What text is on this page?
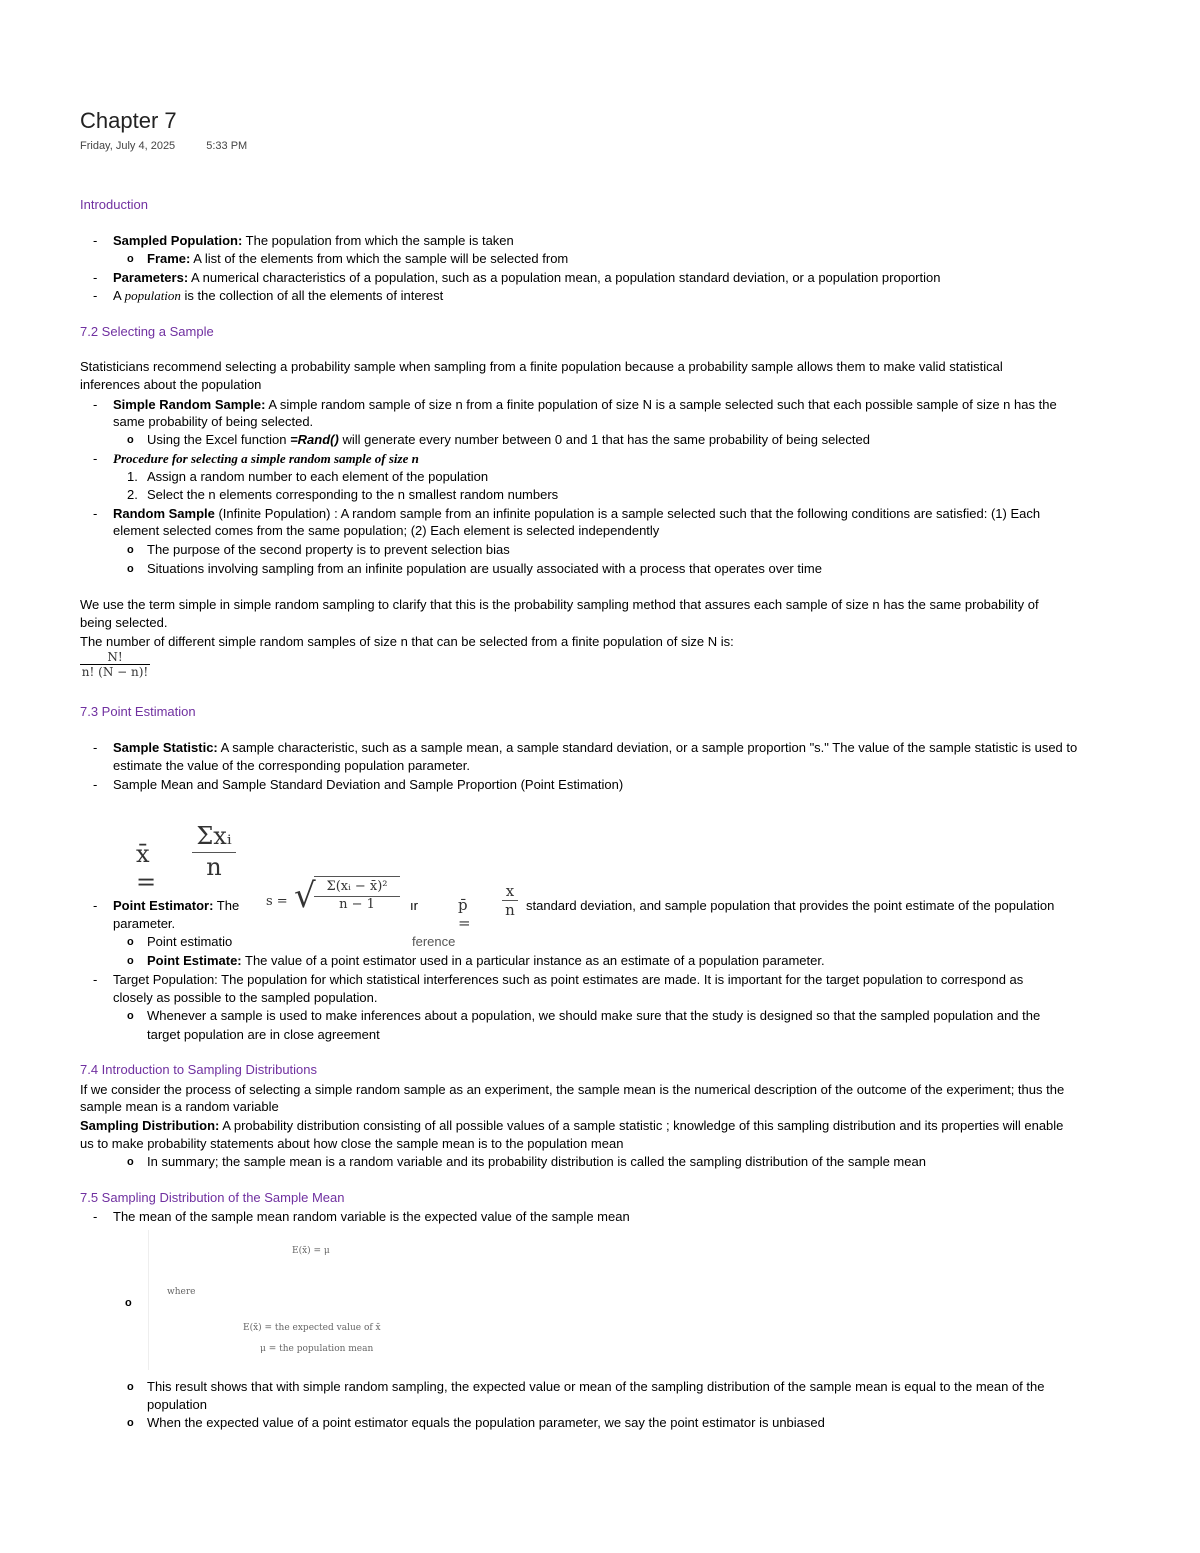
Chapter 7
Friday, July 4, 2025	5:33 PM
Introduction
- Sampled Population: The population from which the sample is taken
o Frame: A list of the elements from which the sample will be selected from
- Parameters: A numerical characteristics of a population, such as a population mean, a population standard deviation, or a population proportion
- A population is the collection of all the elements of interest
7.2 Selecting a Sample
Statisticians recommend selecting a probability sample when sampling from a finite population because a probability sample allows them to make valid statistical
inferences about the population
- Simple Random Sample: A simple random sample of size n from a finite population of size N is a sample selected such that each possible sample of size n has the
same probability of being selected.
o Using the Excel function =Rand() will generate every number between 0 and 1 that has the same probability of being selected
- Procedure for selecting a simple random sample of size n
1. Assign a random number to each element of the population
2. Select the n elements corresponding to the n smallest random numbers
- Random Sample (Infinite Population) : A random sample from an infinite population is a sample selected such that the following conditions are satisfied: (1) Each
element selected comes from the same population; (2) Each element is selected independently
o The purpose of the second property is to prevent selection bias
o Situations involving sampling from an infinite population are usually associated with a process that operates over time
We use the term simple in simple random sampling to clarify that this is the probability sampling method that assures each sample of size n has the same probability of
being selected.
The number of different simple random samples of size n that can be selected from a finite population of size N is:
$\frac{N!}{n! (N - n)!}$
7.3 Point Estimation
- Sample Statistic: A sample characteristic, such as a sample mean, a sample standard deviation, or a sample proportion "s." The value of the sample statistic is used to
estimate the value of the corresponding population parameter.
- Sample Mean and Sample Standard Deviation and Sample Proportion (Point Estimation)
x̄ =
Σxᵢ
n
- Point Estimator: The s = √
$\frac{\text{Σ(xᵢ − x̄)²}}{n - 1}$ ır	p̄ =
$\frac{x}{n}$ standard deviation, and sample population that provides the point estimate of the population
parameter.
o Point estimatio	ference
o Point Estimate: The value of a point estimator used in a particular instance as an estimate of a population parameter.
- Target Population: The population for which statistical interferences such as point estimates are made. It is important for the target population to correspond as
closely as possible to the sampled population.
o Whenever a sample is used to make inferences about a population, we should make sure that the study is designed so that the sampled population and the
target population are in close agreement
7.4 Introduction to Sampling Distributions
If we consider the process of selecting a simple random sample as an experiment, the sample mean is the numerical description of the outcome of the experiment; thus the
sample mean is a random variable
Sampling Distribution: A probability distribution consisting of all possible values of a sample statistic ; knowledge of this sampling distribution and its properties will enable
us to make probability statements about how close the sample mean is to the population mean
o In summary; the sample mean is a random variable and its probability distribution is called the sampling distribution of the sample mean
7.5 Sampling Distribution of the Sample Mean
- The mean of the sample mean random variable is the expected value of the sample mean
E(x̄) = μ
where
E(x̄) = the expected value of x̄
μ = the population mean
o
o This result shows that with simple random sampling, the expected value or mean of the sampling distribution of the sample mean is equal to the mean of the
population
o When the expected value of a point estimator equals the population parameter, we say the point estimator is unbiased
